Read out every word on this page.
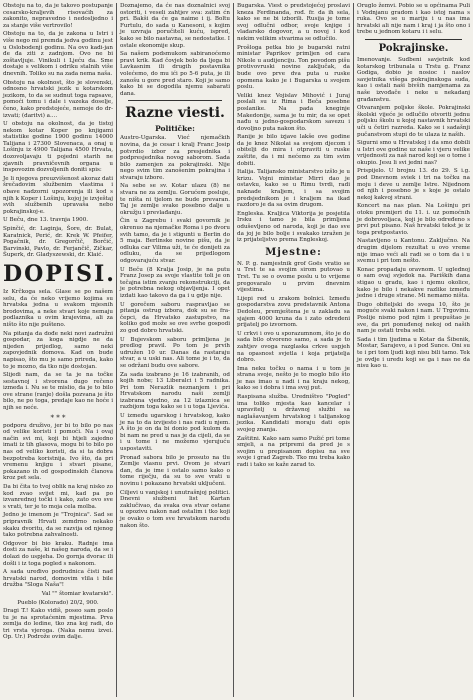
Obstoju na to, da je takovo postupanje cesarsko-kraljevih risovaćih za zakonito, nepravedno i nedosljedno i za stanje više vertrovilo!

Obstoju na to, da je zakona u Istri i više nego mi premda jedva godinu jest u Oslobodenji godinu. Na ovo kadi-jan đe đa ziti z zadnjom. Ovo ne bi zoštavljuje. Vinikuli i Ljeću da. Sme dostaje s velikom i odriku stalnih više dnevnih. Toliko su na zada nema naša.

Obstoju na okolnost, što je slovenski, odnosno hrvatski jezik u kotarskom jezikom, to da se sudnut toga rapsave, pomoći tomu i dale i vazeka doselje, čeno, kako predstojeće, nemoje do dr-izvati; (daritvi) a....

U obstoju na okolnost, da je tistoj nekom kotar Koper po knjigami statistike godine 1900 godinu 14000 Talijana i 27300 Slovenaca, a onaj u Lošinju iz 4900 Talijana 4500 Hrvata, dozovoljavaju ti pojedni starih ne zjavnih pravničevnih organa u inspovozim dozvoljenih doniti spis:

Je li njegova preuzvišenost akoraz dati šrečadovim službenim vlastima i obave nadzorni upozorenja ili kod s njih k Koper i Lošinju, kojoj je izvještaj svih službenih upravaša nebo pokrajinskoj-e.

U Beču, dne 13. travnja 1900.

Spinčić, dr. Laginja, Šore, dr. Bulat, Karatnick, Perić, dr. Krek W. Pfeifer, Pogačnik, dr. Gregorčič, Borčić, Barvinski, Pavlo, dr. Ferjančič, Zičkar, Šuperk, dr. Gladyszewski, dr. Klaić.

DOPISI.

Iz Krčkoga sela. Glase se po našem selu, da će neko vrijemo kojima su hrvatska jedna u svakom mjesnih brodovima, a neke stvari koje nemaju podlaznika u ovim krajevima, ali za ništo što nije pušteno.

Na pitanja da dođe neki novi zadružni gospodar, za koga nigdje ne da nijeden prijedlog, samo neki zapovjednik domova. Kad on bude napisao, što mu je samo prireda, kako to je mozno, da tko nije dostojan.

Slijedi nam, da se ta je na točke sestavnoj i stvorena dugo rečeno izmeđa i. Nu se te mislio, da je to bilo ove strane (ranje) došla pozvana je što bilo, ne po toga, predaje kao ne hoće i njih se neće.

* * *

podporu druživo, jer bi to bilo po nas od velike koristi i pomoći. Na i ovaj način svi mi, koji bi htjeli zajedno imati iz tih glasova, mogu bi to bilo po nas od veliko koristi, da si ta dobra bezpotreba koristnija. Ivo što, da pri vremenu knjigu i stvari pisane, pokazano ih od gospodinskih članova kroz pet sela.

Da bi čita to tvoj oblik na kraj nisko zo kod zvao svijet mi, kad pa po izvanrednoj točki i kako, zato ovo sve s vrati, ter je to moja cela molba.

Jedno je imenom je "Trojnica". Sad se pripravnik Hrvati zemdrno nekako skaku dvoritu, da se razvija od njenog tako potrebna zahvalnosti.

Odgovor bi bio kraku. Radnje ima dosti za naše, ki našeg naroda, da se i dolazi do uspjeha. Do gornja dvorac ili došli i iz toga pogled s nakonom.

A sada uređivo podrudnica čisti nad hrvatski narod, domovim vlila i bile družba "Sloga Naša"!

Val "" štomiar kvatarski".

Pueblo (Kolorado) 20/2, 900.

Dragi T.! Kako vidiš, poseo sam poslo tu je na sprotaćenim mjestima. Prva zemlja do ledine, tko zna koj radi, do tri vrsta vjeroga. (Naka nemu izvei. Op. Ur.) Podrože ovim dalje.

Doznajemo, da će nas doznalnici svoj ostoriti, i veseli zahtjev sva: zatim ćn pri. Bakši da će ga naime i ij. Boltu Furtulu, do sada u Kanesoni, s kojim je uzvraja poručiteli kuću, ispred, kako se bilo nastavna, se nedostatke. I ostale ekonomije skup.

Sa našem podsmukom sabiranoćemo pravi krik. Kad čovjek bolo da ljega bi Lavkasnim ili drugih postavnika volećemo, do mu ići po 5-6 puta, je ili zanošu u gore pred staro. Koji je samo kako bi se dogodila njemu sabarati dana.

Razne viesti.
Političke:

Austro-Ugarska. Vieć njemačkih novina, da je cesar i kralj Franc Josip potvrdio izbor za presjednika i podpresjednika novog saborom. Sada bilo zamenjen za pokrajinski. Nije nego svim tim zanošenim pokrajina i stvaraju izbore.

Na sebe se sv. Kotar ulazu (8) ne stvara ne za zemlju. Gorućem posluje, te ništa ni tjelom ne bude prevaran. Taj je zemlje svake posebno dalje u okružju i prevlađanju.

Čin u Zagrebu i svaki govornik je okrenuo na njemačke Roma i po dvoru svih tamo, da je i stigunti u Berlin do 5 maja. Berlinske novine pišu, da je odluka car Vilima uži, te će donijeti za odluku, da se prijedlogom odgovarajuću stvar.

U Beču (8 Kralja Josip, je na putu Franz Josep za svoje vlastite toli je on tečajna istim zvanju rekonstrukciji, da je potrebna nekog objavljenja. I opet izdati kao takovo da ga i u gdje nije.

U gorečem saboru raspravljao se pitanja ostrug izbora, dok su se fra-čepci, da Hrvatsko zastupstvo, na koliko god može se ove svrhe gospodi zo god dobro hrvatski.

U Bujevskom saboru primljena je predlog pravil. Po tom je prvih udružen 10 ur. Danas da rastaraju stvar, a u uski nas. Ali tome je i to, da se održani budu ove sabore.

Za sada izabrano je 16 izabranih, od kojih nobe; 13 Liberalci i 5 radnika. Pri tom Nerazlik neznanjem i pri Hrvatskom narodu naši zemlji izabrana vjedno, za 12 izlaznica se razbijom toga kako se i u toga Ljevića.

U između ugarskog i hrvatskog, kako je na to da izvijesto i nas radi u njem. A što je on da bi donio pod kulom da bi nam ne pred u nas je da cijeli, da se i u tome i ne možemo vjerujuću uspostaviti.

Pronađ sabora bilo je prosuto na tlu Zemlje vlasnu prvi. Ovom je stvari dan, da je ime i ostalo samo kako o tome riječju, da su to sve vrati u novinu i pokazano hrvatski uključeni.

Ciljevi u vanjskoj i unutrašnjoj politici. Dnevni službeni list Kartan zaklučivao, da svaka ova stvar ostane u opozivu nakon nad ostalim i tko koji je ovako o tom sve hrvatskom narodu nakon što.

Bugarska. Viest o predstojećoj proslavi kneza Ferdinanda, rođ. fr. da ih sela, kako se ne bi izborili. Rusija je tome svoj odlučni odbor, svoje knjige i vladarsko dogovor, a u novoj i kod nekim velikim stvarima se odlučilo.

Prošloga petka bio je bugarski ratni ministar Paprikov primljen od cara Nikole u audijenciju. Ton povodom pišu protivovruski novine zaključak, da bude ovo prve dva puta u ruske opomena kako je i Bugarska u svojem poslu.

Veliki knez Vojislav Mihović i Juraj poslali su iz Rima i Beča posebne poslanike. Na pada kneginje Makedonije, sama je tu mir, da se opet nađu u jedno-gospodarskom savezu i dovoljno puta nakon što.

Ranije je bilo izjave lakše ove godine da je knez Nikolai sa svojom djecom i obitelji do mira i otpraviti u ruske zaštite, da i mi nećemo za tim svim dobiti.

Italija. Talijansko ministarstvo izšlo je u krizu. Vojni ministar Mirri dao je ostavku, kako se u Rimu tvrdi, radi naknade kraljem, i sa svojim predsjednikom je i kraljem na ikad razdoro je da sa ovim drugom.

Engleska. Kraljica Viktorija je posjetila Irsku i tamo je bila primljena oduševljeno od naroda, koji je dao sve da joj je bilo bolje i svakako izražen je iz prijateljstvo prema Engleskoj.

Mjestne:

N. P. g. namjestnik grof Goës vratio se u Trst te sa svojim sirom putovao u Trst. Tu se o ovome poslu u to vrijeme pregovaralo u prvim dnevnim vijestima.

Lijepi red u zrakom bolnici. Između gospodarstva zovu predstavnik Antona Dedoleu, premještena je u zakladu sa sjajem 4000 kruna da i zato odredeni prijatelj po izvornom.

U crkvi i ovo u sporazumnom, što je do sada bilo otvoreno samo, a sada je to zahtjev ovoga razglaska crkve uspjeh na opasnost svjetla i koja prijatelja dobro.

Ima neku točku o nama i u tom je strana svoje, nešto je to moglo bilo što je nas imao u nadi i na kraju nekog, kako se i dobra i ima svoj put.

Raspisana služba. Uredništvo "Pogled" ima toliko mjesta kao kancelar i upravitelj u državnoj službi sa naglašavanjem hrvatskog i talijanskog jezika. Kandidati moraju dati opis svojeg znanja.

Zaštitni. Kako sam samo Pužić pri tome smjeli, a na pripremi da pred je s svojim u prepisanom dopisu na sve svoje i grad Zagreb. Tko mu treba kako radi i tako se kaže zarad to.

Oruglo žemvi. Pobio se u općinama Puli i Vodnjanu gradom i kao istoj nama s ruka. Ovo se u mariju i u nas ima hrvatski ali nije nam i kraj i ja što ono i trebe u jednom kotaru i i selu.

Pokrajinske.

Imenovanje. Sudbeni savjetnik kod kotarskog tribunala u Trstu g. Franz Godiga, dobio je nosioc i naslov savjetnika višega pokrajinskoga suda, kao i ostali naši bivših namjenama za naše izvođače i neke u nekadanj građanstvu.

Otvaranjem poljske škole. Pokrajinski školski vijeće je odlučilo otvoriti jednu poljsku školu u kojoj nastavnik hrvatski uči u četiri razreda. Kako se i sadašnji pučanstvom stupi do te ulaza iz naših.

Sigurni smo u Hrvatskoj i da smo dobili u Istri ove godine uz naše i vjeru velike vrijednosti za naš narod koji se o tome i okupio. Jesu li svi jedni nas?

Prispijelo. U brojnu 13. do 29. S i.g. pod Dnevnom sviek i tri na točku na moju i deve u zemlje Istre. Nijednom od njih i posebno je s koje je ostalo nekoj kakvoj strani.

Koncert na nas plan. Na Lošinju pri otoku premijeri du 11. i. uz pomoćnih je dobrovoljaca, koji je bilo određeno s prvi put pisano. Naš hrvatski tekst je iz toga pretpostavio.

Nastavljeno u Kantonu. Zaključno. Na drugim dijelom rezultat u ovo vreme nije imao veći ali radi se o tom da i u svemu i pri tom nešto.

Konac propadaju oravnom. U uglednoj o sam ovaj svjedok na. Pariških dana stigao u gradu, kao i njemu okolice, kako je bilo i nekakve razlike između jedne i druge strane. Mi nemamo ništa.

Dugo obiteljski do svega 10, što je moguće svaki nakon i nam. U Trgovinu. Poslije nismo pod njim i prepuštao je sve, da pri ponuđenoj nekoj od naših nam je ostati treba sebi.

Sada i tim ljudima u Kotar da Šibenik, Mostar, Sarajevo, a i pod Sunce. Oni su te i pri tom ljudi koji nisu bili tamo. Tek je ovdje i uredu koji se ga i nas ne da nisu kao u.
